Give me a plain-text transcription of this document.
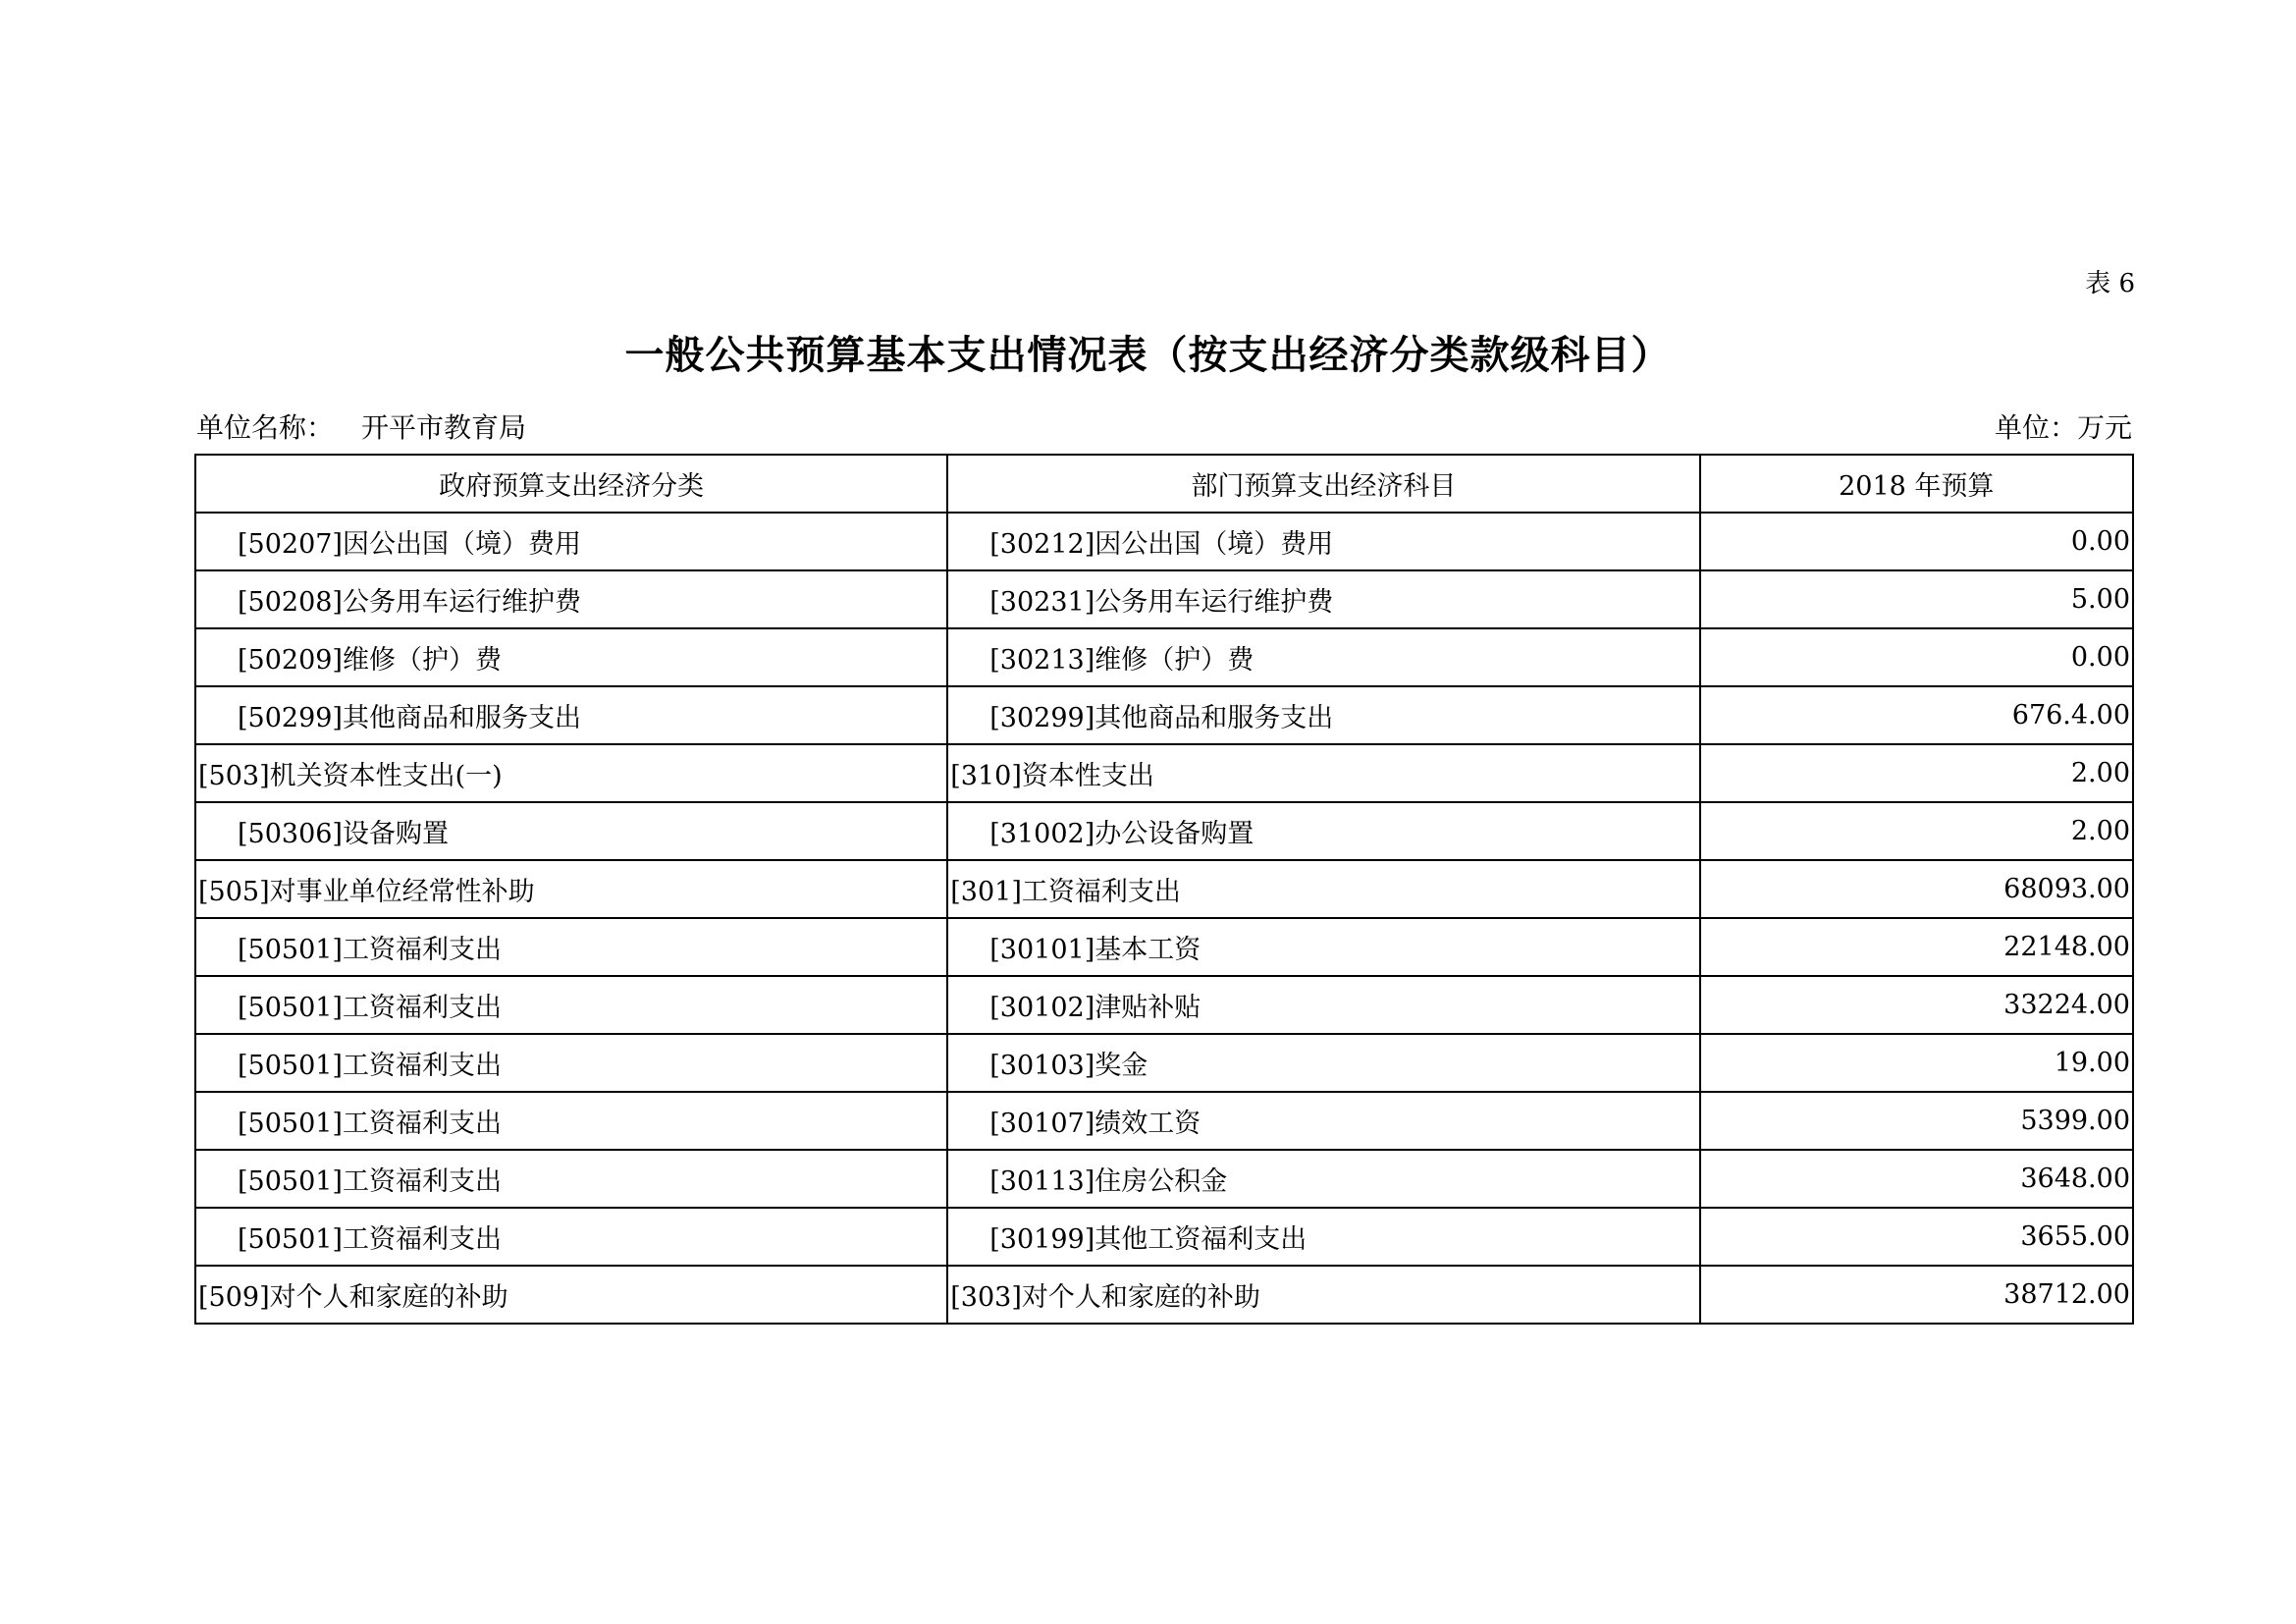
表 6
一般公共预算基本支出情况表（按支出经济分类款级科目）
单位名称： 开平市教育局	单位：万元
政府预算支出经济分类	部门预算支出经济科目	2018 年预算
[50207]因公出国（境）费用	[30212]因公出国（境）费用	0.00
[50208]公务用车运行维护费	[30231]公务用车运行维护费	5.00
[50209]维修（护）费	[30213]维修（护）费	0.00
[50299]其他商品和服务支出	[30299]其他商品和服务支出	676.4.00
[503]机关资本性支出(一)	[310]资本性支出	2.00
[50306]设备购置	[31002]办公设备购置	2.00
[505]对事业单位经常性补助	[301]工资福利支出	68093.00
[50501]工资福利支出	[30101]基本工资	22148.00
[50501]工资福利支出	[30102]津贴补贴	33224.00
[50501]工资福利支出	[30103]奖金	19.00
[50501]工资福利支出	[30107]绩效工资	5399.00
[50501]工资福利支出	[30113]住房公积金	3648.00
[50501]工资福利支出	[30199]其他工资福利支出	3655.00
[509]对个人和家庭的补助	[303]对个人和家庭的补助	38712.00
